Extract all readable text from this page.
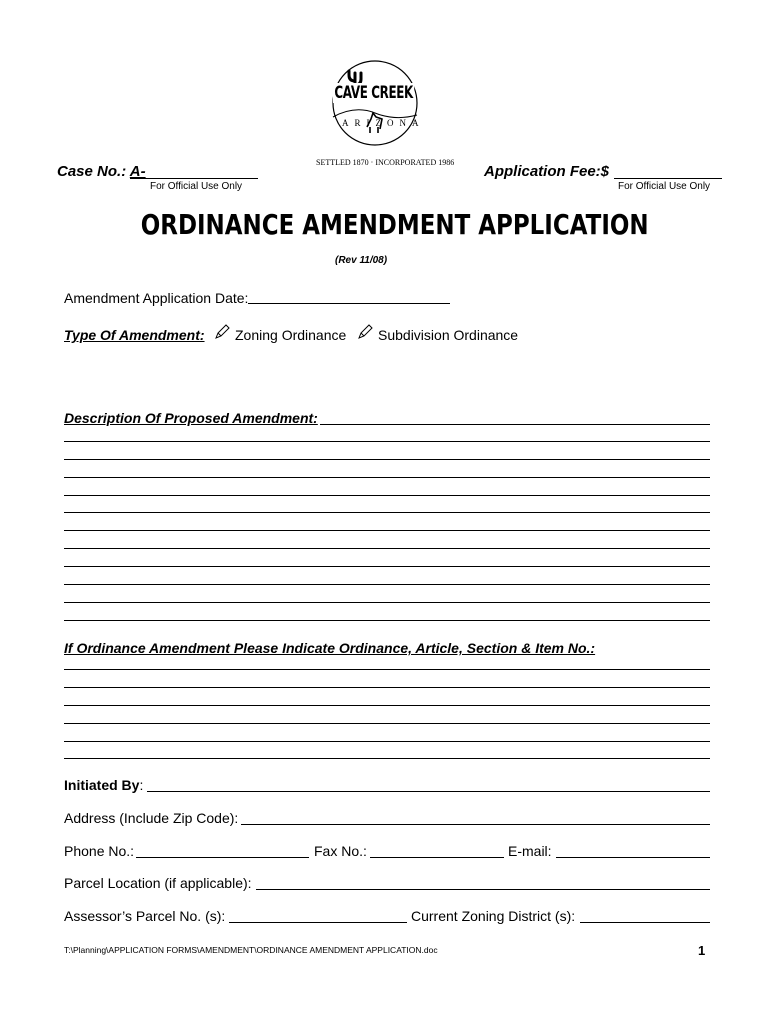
CAVE CREEK
ARIZONA
SETTLED 1870 · INCORPORATED 1986
Case No.: A-
For Official Use Only
Application Fee:$
For Official Use Only
ORDINANCE AMENDMENT APPLICATION
(Rev 11/08)
Amendment Application Date:
Type Of Amendment: Zoning Ordinance Subdivision Ordinance
Description Of Proposed Amendment:
If Ordinance Amendment Please Indicate Ordinance, Article, Section & Item No.:
Initiated By:
Address (Include Zip Code):
Phone No.:	Fax No.:	E-mail:
Parcel Location (if applicable):
Assessor’s Parcel No. (s):	Current Zoning District (s):
T:\Planning\APPLICATION FORMS\AMENDMENT\ORDINANCE AMENDMENT APPLICATION.doc	1
